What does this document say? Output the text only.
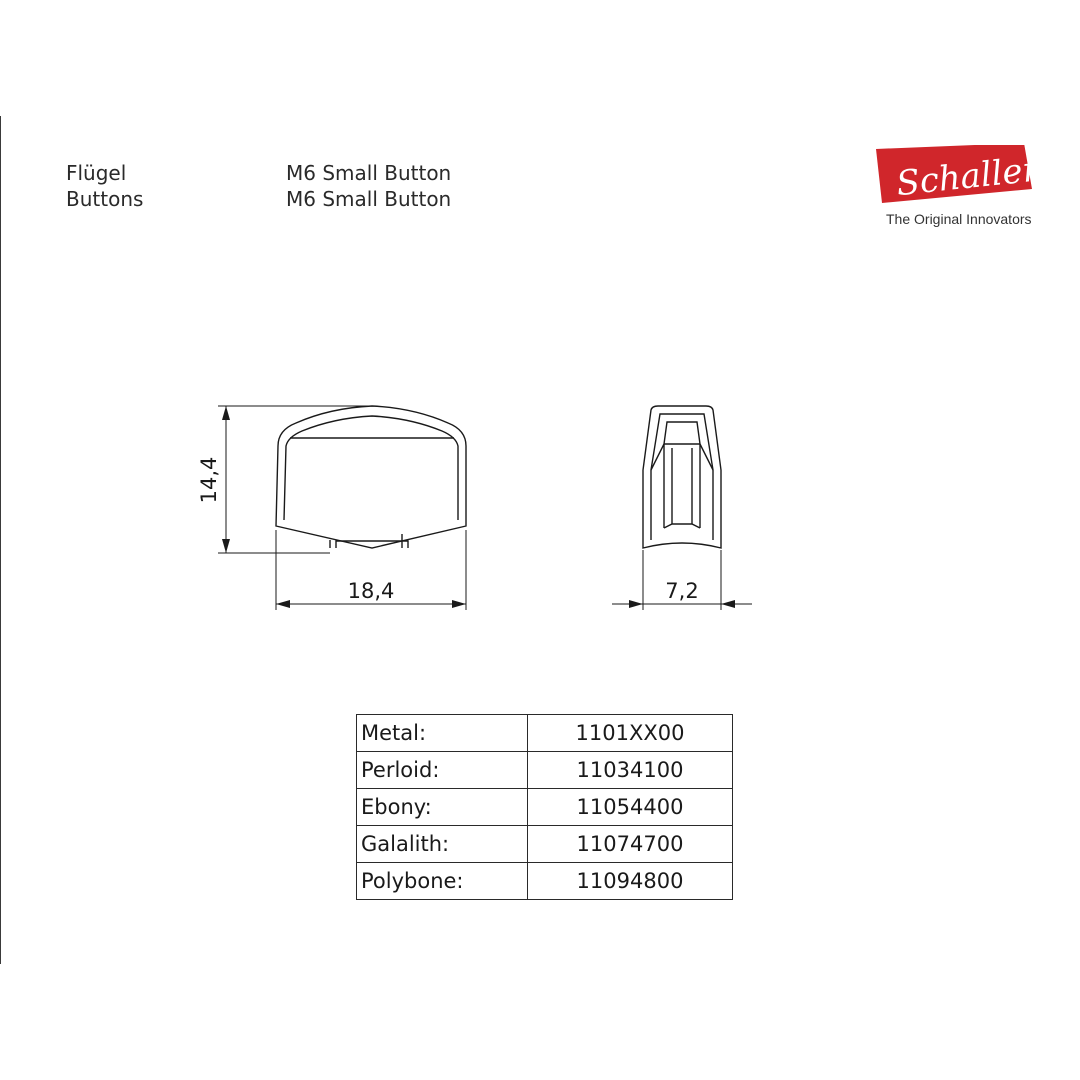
Flügel
Buttons
M6 Small Button
M6 Small Button	Schaller
The Original Innovators
14,4
18,4	7,2
Metal:	1101XX00
Perloid:	11034100
Ebony:	11054400
Galalith:	11074700
Polybone:	11094800
